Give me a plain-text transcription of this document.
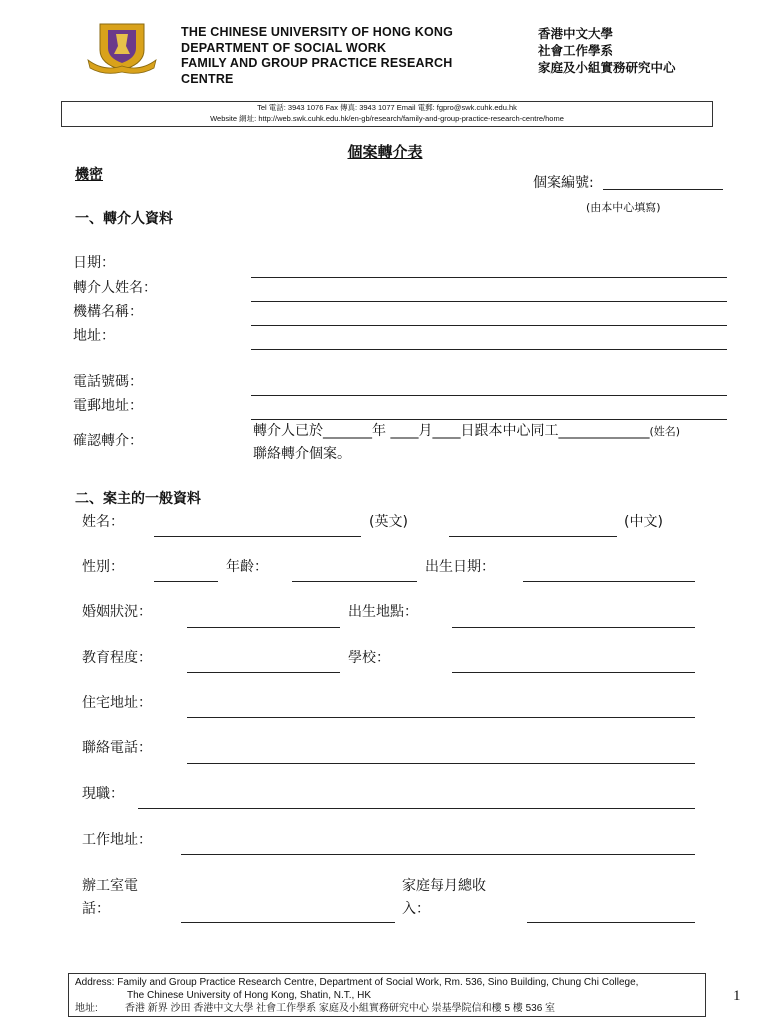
THE CHINESE UNIVERSITY OF HONG KONG
DEPARTMENT OF SOCIAL WORK
FAMILY AND GROUP PRACTICE RESEARCH
CENTRE
香港中文大學
社會工作學系
家庭及小組實務研究中心
Tel 電話: 3943 1076 Fax 傳真: 3943 1077 Email 電郵: fgpro@swk.cuhk.edu.hk
Website 網址: http://web.swk.cuhk.edu.hk/en-gb/research/family-and-group-practice-research-centre/home
個案轉介表
機密	個案編號:
(由本中心填寫)
一、轉介人資料
日期：
轉介人姓名：
機構名稱：
地址：
電話號碼：
電郵地址：
確認轉介：
轉介人已於_______年 ____月____日跟本中心同工_____________(姓名)
聯絡轉介個案。
二、案主的一般資料
姓名：	(英文)	(中文)
性別：	年齡：	出生日期：
婚姻狀況：	出生地點：
教育程度：	學校：
住宅地址：
聯絡電話：
現職：
工作地址：
辦工室電
話：
家庭每月總收
入：
Address: Family and Group Practice Research Centre, Department of Social Work, Rm. 536, Sino Building, Chung Chi College,
The Chinese University of Hong Kong, Shatin, N.T., HK
地址:	香港 新界 沙田 香港中文大學 社會工作學系 家庭及小組實務研究中心 崇基學院信和樓 5 樓 536 室
1
